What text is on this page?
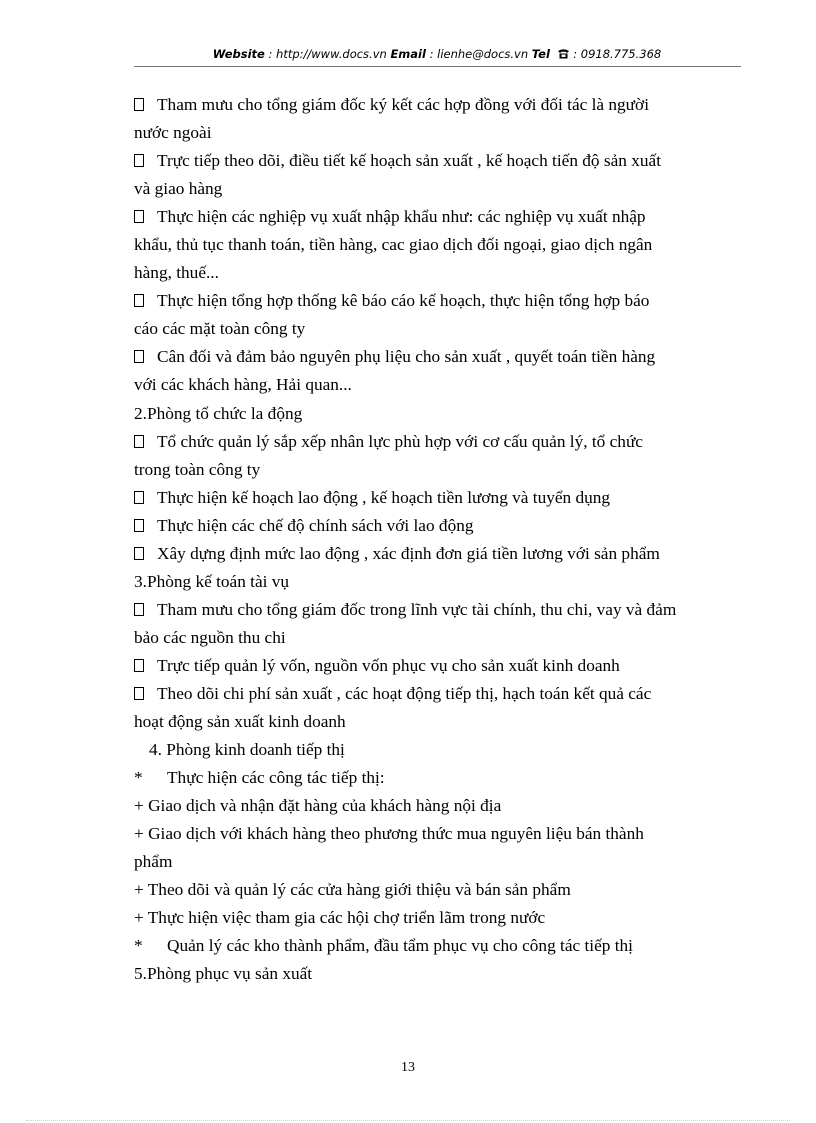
Website : http://www.docs.vn Email : lienhe@docs.vn Tel  : 0918.775.368
Tham mưu cho tổng giám đốc ký kết các hợp đồng với đối tác là người
nước ngoài
Trực tiếp theo dõi, điều tiết kế hoạch sản xuất , kế hoạch tiến độ sản xuất
và giao hàng
Thực hiện các nghiệp vụ xuất nhập khẩu như: các nghiệp vụ xuất nhập
khẩu, thủ tục thanh toán, tiền hàng, cac giao dịch đối ngoại, giao dịch ngân
hàng, thuế...
Thực hiện tổng hợp thống kê báo cáo kế hoạch, thực hiện tổng hợp báo
cáo các mặt toàn công ty
Cân đối và đảm bảo nguyên phụ liệu cho sản xuất , quyết toán tiền hàng
với các khách hàng, Hải quan...
2.Phòng tổ chức la động
Tổ chức quản lý sắp xếp nhân lực phù hợp với cơ cấu quản lý, tổ chức
trong toàn công ty
Thực hiện kế hoạch lao động , kế hoạch tiền lương và tuyển dụng
Thực hiện các chế độ chính sách với lao động
Xây dựng định mức lao động , xác định đơn giá tiền lương với sản phẩm
3.Phòng kế toán tài vụ
Tham mưu cho tổng giám đốc trong lĩnh vực tài chính, thu chi, vay và đảm
bảo các nguồn thu chi
Trực tiếp quản lý vốn, nguồn vốn phục vụ cho sản xuất kinh doanh
Theo dõi chi phí sản xuất , các hoạt động tiếp thị, hạch toán kết quả các
hoạt động sản xuất kinh doanh
4. Phòng kinh doanh tiếp thị
* Thực hiện các công tác tiếp thị:
+ Giao dịch và nhận đặt hàng của khách hàng nội địa
+ Giao dịch với khách hàng theo phương thức mua nguyên liệu bán thành
phẩm
+ Theo dõi và quản lý các cửa hàng giới thiệu và bán sản phẩm
+ Thực hiện việc tham gia các hội chợ triển lãm trong nước
* Quản lý các kho thành phẩm, đầu tẩm phục vụ cho công tác tiếp thị
5.Phòng phục vụ sản xuất
13
